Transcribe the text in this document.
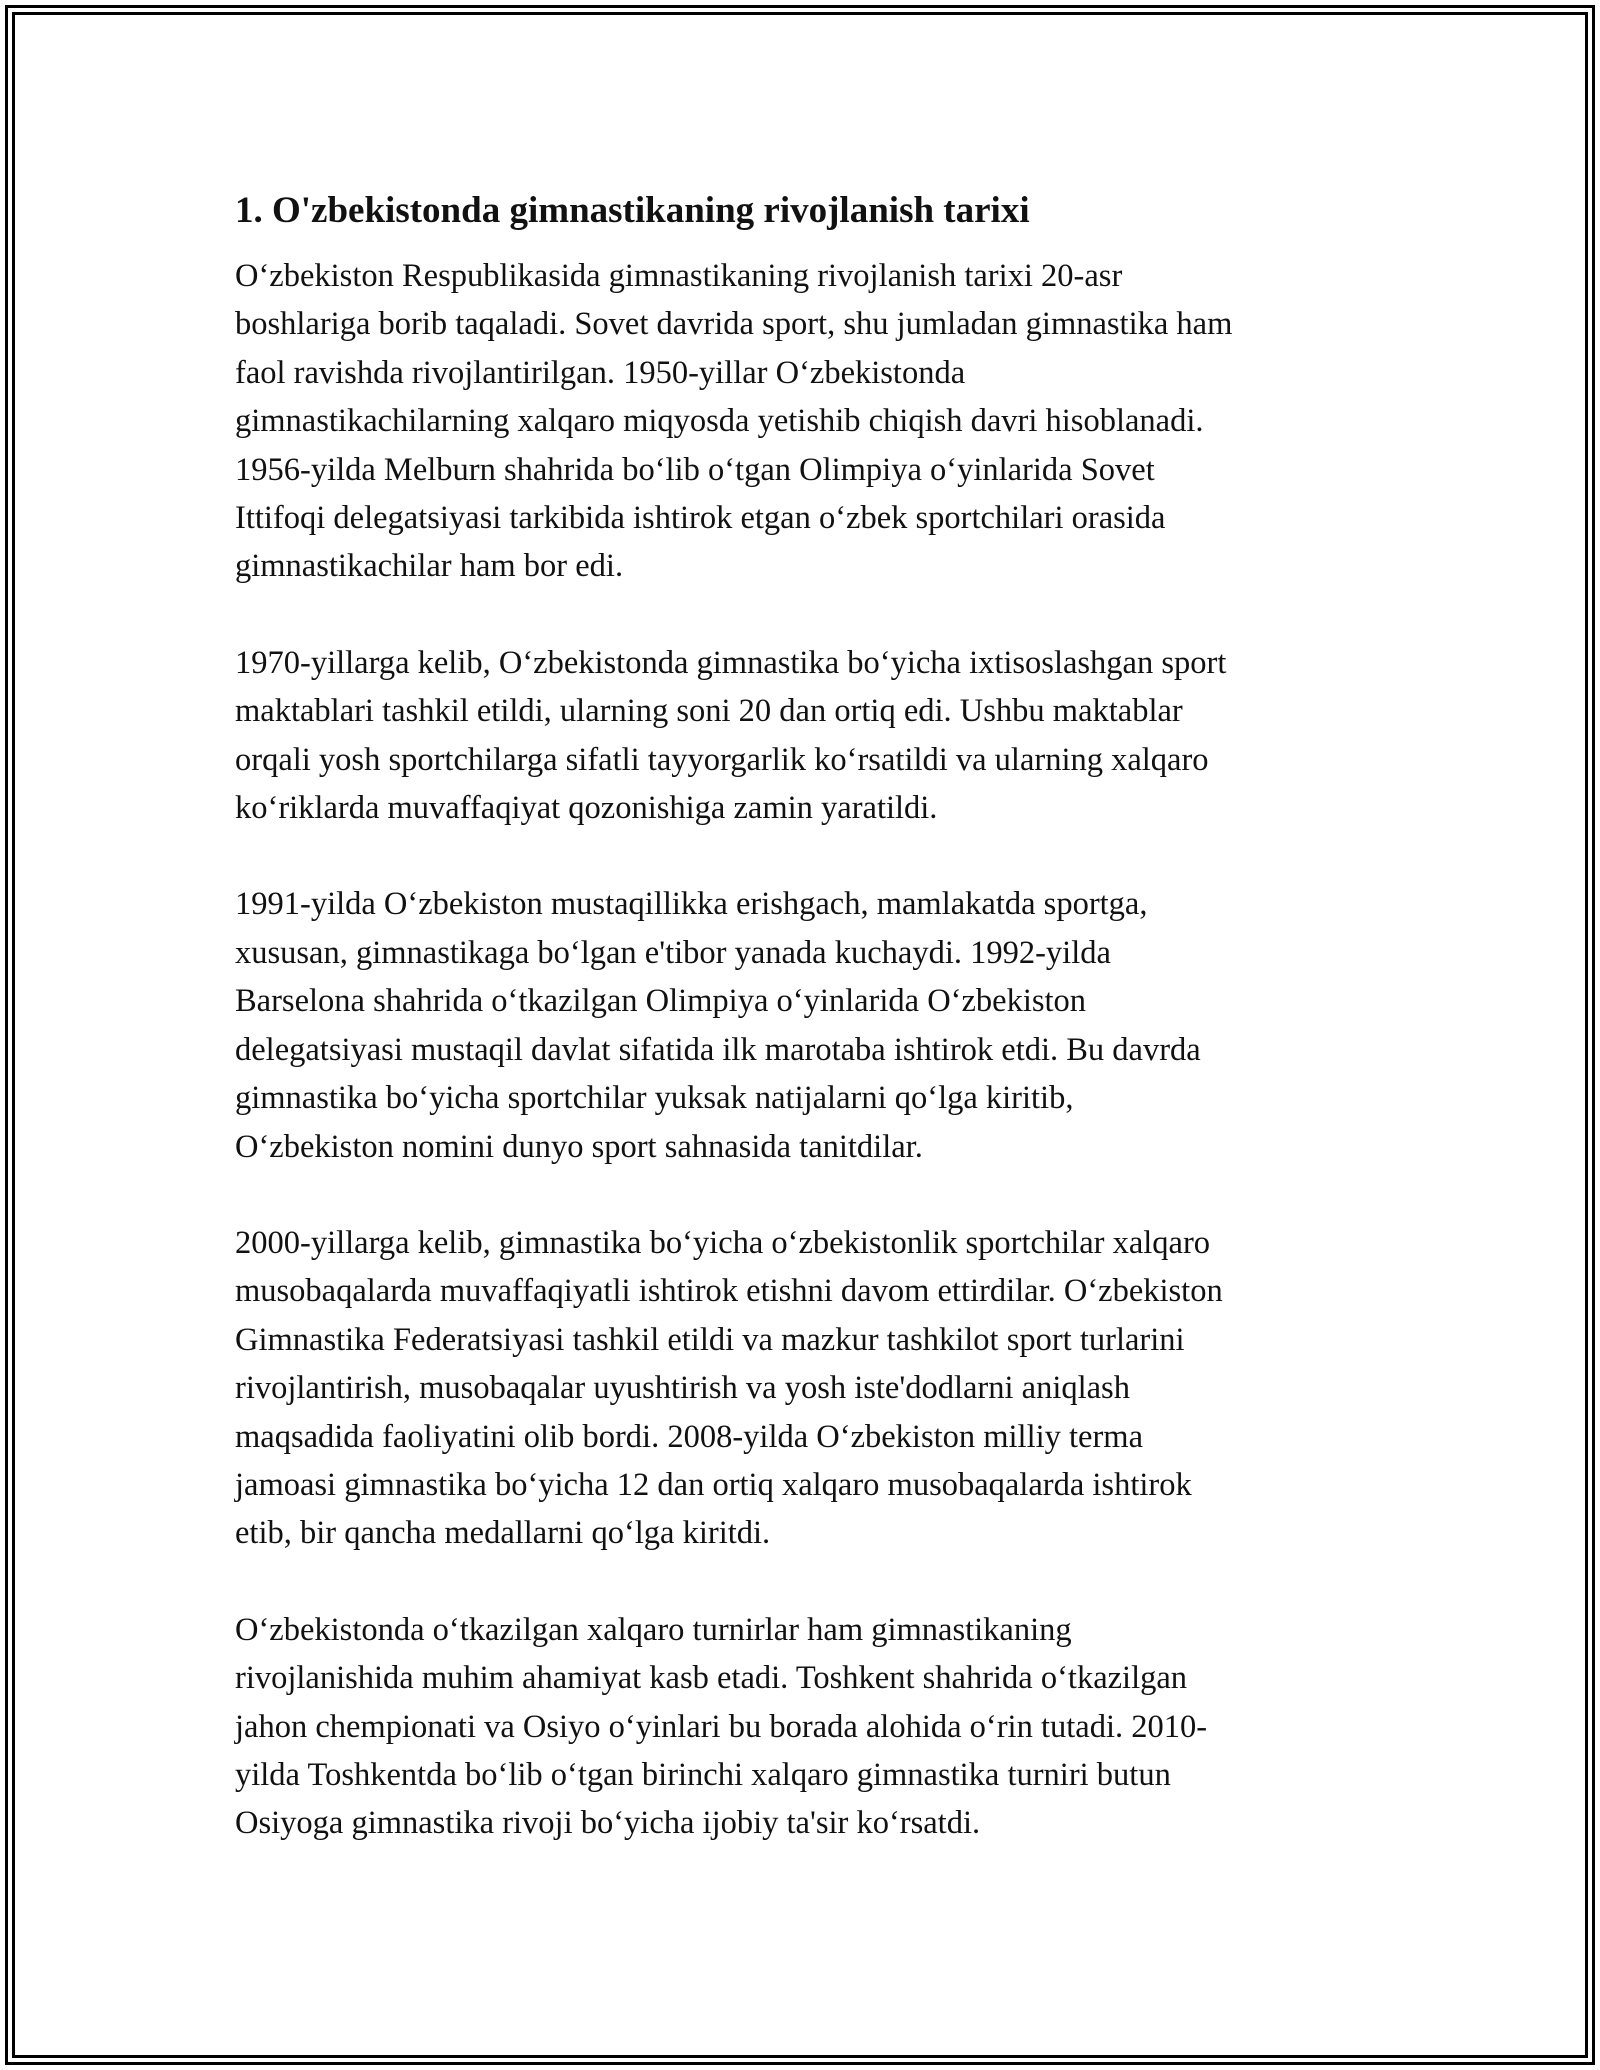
1. O'zbekistonda gimnastikaning rivojlanish tarixi

O‘zbekiston Respublikasida gimnastikaning rivojlanish tarixi 20-asr
boshlariga borib taqaladi. Sovet davrida sport, shu jumladan gimnastika ham
faol ravishda rivojlantirilgan. 1950-yillar O‘zbekistonda
gimnastikachilarning xalqaro miqyosda yetishib chiqish davri hisoblanadi.
1956-yilda Melburn shahrida bo‘lib o‘tgan Olimpiya o‘yinlarida Sovet
Ittifoqi delegatsiyasi tarkibida ishtirok etgan o‘zbek sportchilari orasida
gimnastikachilar ham bor edi.

1970-yillarga kelib, O‘zbekistonda gimnastika bo‘yicha ixtisoslashgan sport
maktablari tashkil etildi, ularning soni 20 dan ortiq edi. Ushbu maktablar
orqali yosh sportchilarga sifatli tayyorgarlik ko‘rsatildi va ularning xalqaro
ko‘riklarda muvaffaqiyat qozonishiga zamin yaratildi.

1991-yilda O‘zbekiston mustaqillikka erishgach, mamlakatda sportga,
xususan, gimnastikaga bo‘lgan e'tibor yanada kuchaydi. 1992-yilda
Barselona shahrida o‘tkazilgan Olimpiya o‘yinlarida O‘zbekiston
delegatsiyasi mustaqil davlat sifatida ilk marotaba ishtirok etdi. Bu davrda
gimnastika bo‘yicha sportchilar yuksak natijalarni qo‘lga kiritib,
O‘zbekiston nomini dunyo sport sahnasida tanitdilar.

2000-yillarga kelib, gimnastika bo‘yicha o‘zbekistonlik sportchilar xalqaro
musobaqalarda muvaffaqiyatli ishtirok etishni davom ettirdilar. O‘zbekiston
Gimnastika Federatsiyasi tashkil etildi va mazkur tashkilot sport turlarini
rivojlantirish, musobaqalar uyushtirish va yosh iste'dodlarni aniqlash
maqsadida faoliyatini olib bordi. 2008-yilda O‘zbekiston milliy terma
jamoasi gimnastika bo‘yicha 12 dan ortiq xalqaro musobaqalarda ishtirok
etib, bir qancha medallarni qo‘lga kiritdi.

O‘zbekistonda o‘tkazilgan xalqaro turnirlar ham gimnastikaning
rivojlanishida muhim ahamiyat kasb etadi. Toshkent shahrida o‘tkazilgan
jahon chempionati va Osiyo o‘yinlari bu borada alohida o‘rin tutadi. 2010-
yilda Toshkentda bo‘lib o‘tgan birinchi xalqaro gimnastika turniri butun
Osiyoga gimnastika rivoji bo‘yicha ijobiy ta'sir ko‘rsatdi.
